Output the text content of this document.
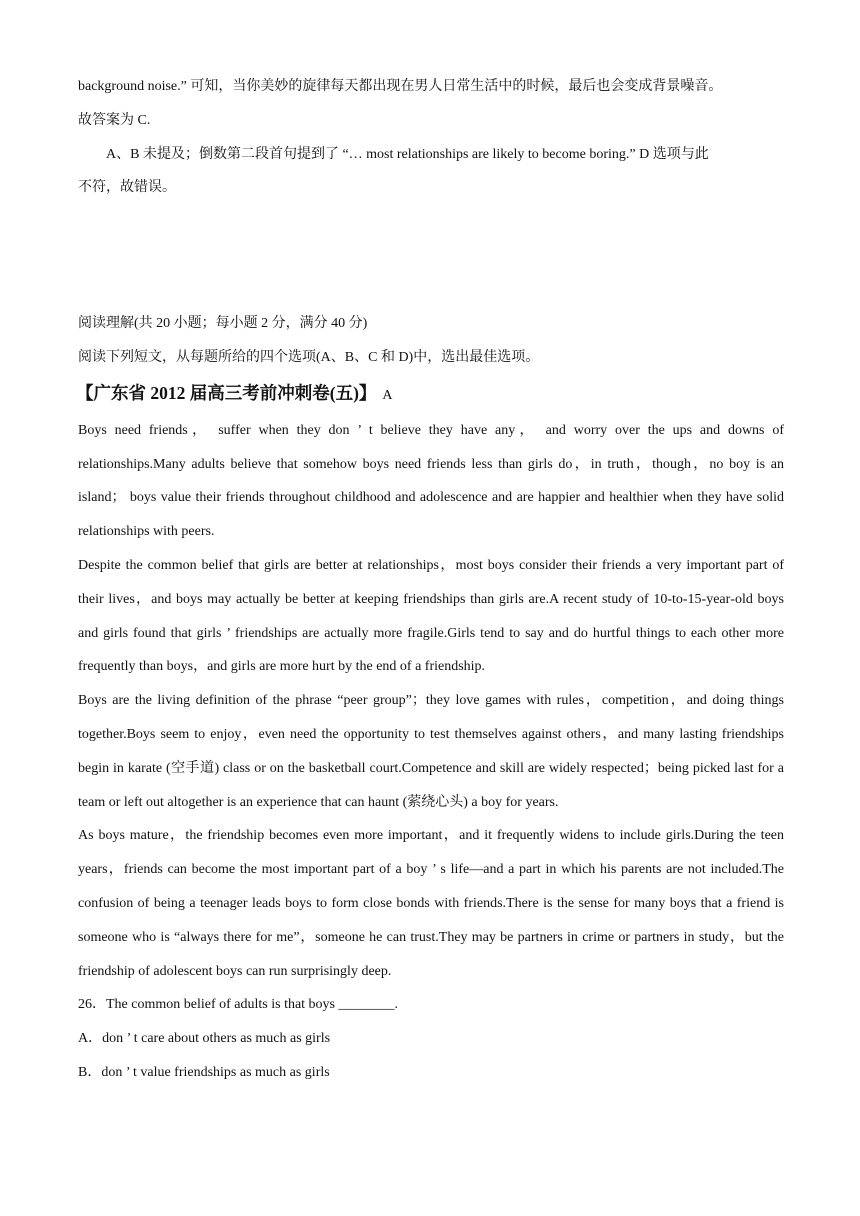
background noise.” 可知，当你美妙的旋律每天都出现在男人日常生活中的时候，最后也会变成背景噪音。

故答案为 C.

A、B 未提及；倒数第二段首句提到了 “… most relationships are likely to become boring.” D 选项与此

不符，故错误。

阅读理解(共 20 小题；每小题 2 分，满分 40 分)

阅读下列短文，从每题所给的四个选项(A、B、C 和 D)中，选出最佳选项。

【广东省 2012 届高三考前冲刺卷(五)】 A

Boys need friends， suffer when they don ’ t believe they have any， and worry over the ups and downs of relationships.Many adults believe that somehow boys need friends less than girls do，in truth，though，no boy is an island； boys value their friends throughout childhood and adolescence and are happier and healthier when they have solid relationships with peers.

Despite the common belief that girls are better at relationships，most boys consider their friends a very important part of their lives，and boys may actually be better at keeping friendships than girls are.A recent study of 10‐to‐15‐year‐old boys and girls found that girls ’ friendships are actually more fragile.Girls tend to say and do hurtful things to each other more frequently than boys，and girls are more hurt by the end of a friendship.

Boys are the living definition of the phrase “peer group”；they love games with rules，competition，and doing things together.Boys seem to enjoy，even need the opportunity to test themselves against others，and many lasting friendships begin in karate (空手道) class or on the basketball court.Competence and skill are widely respected；being picked last for a team or left out altogether is an experience that can haunt (萦绕心头) a boy for years.

As boys mature，the friendship becomes even more important，and it frequently widens to include girls.During the teen years，friends can become the most important part of a boy ’ s life—and a part in which his parents are not included.The confusion of being a teenager leads boys to form close bonds with friends.There is the sense for many boys that a friend is someone who is “always there for me”，someone he can trust.They may be partners in crime or partners in study，but the friendship of adolescent boys can run surprisingly deep.

26．The common belief of adults is that boys ________.

A．don ’ t care about others as much as girls

B．don ’ t value friendships as much as girls
